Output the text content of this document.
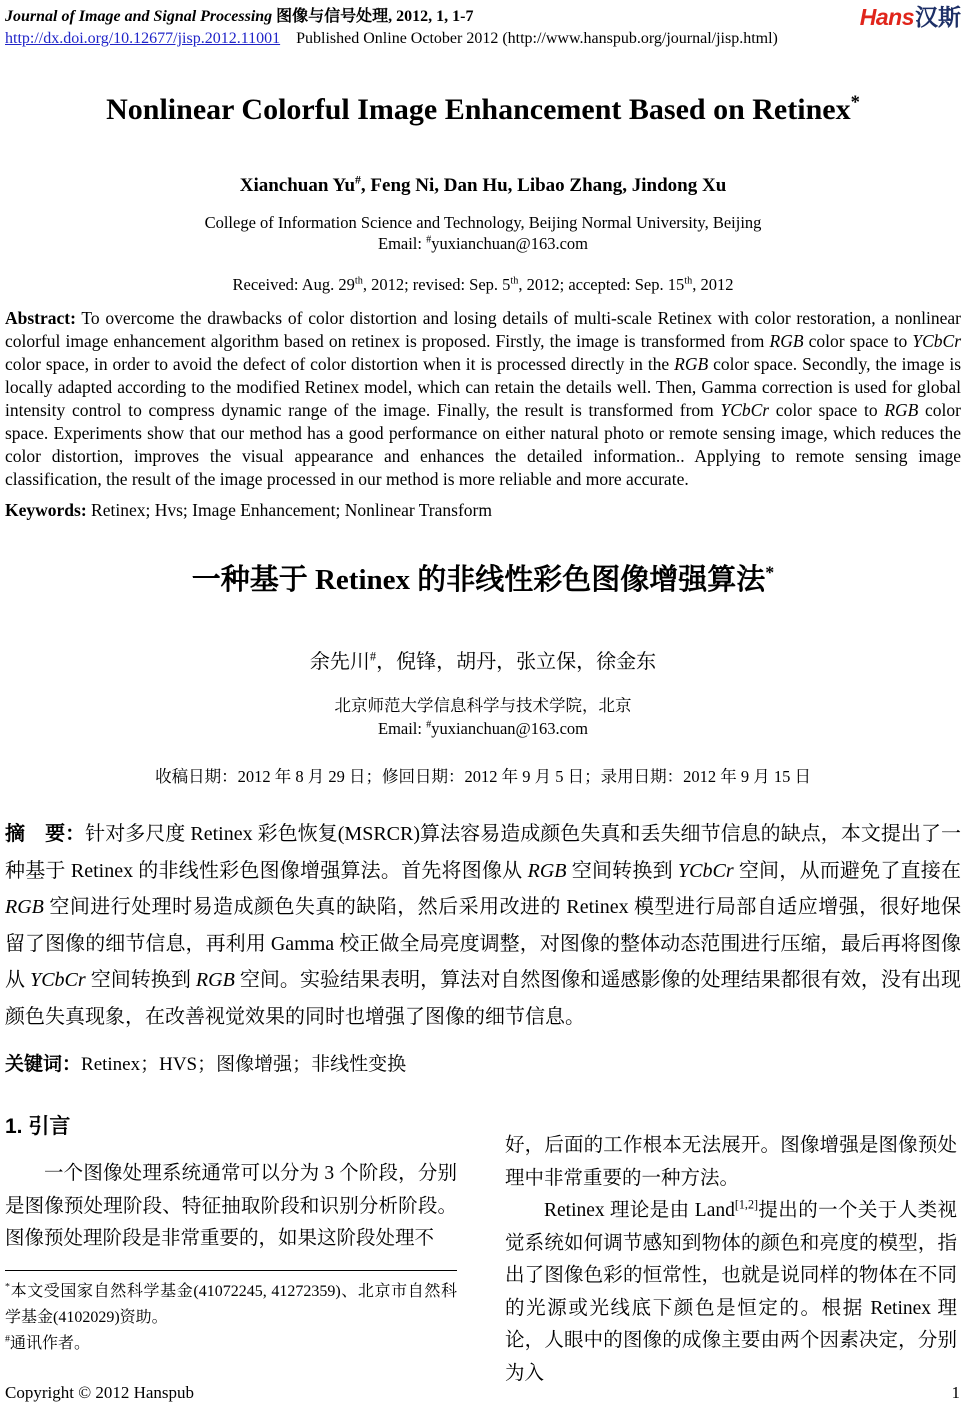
Journal of Image and Signal Processing 图像与信号处理, 2012, 1, 1-7	Hans汉斯
http://dx.doi.org/10.12677/jisp.2012.11001    Published Online October 2012 (http://www.hanspub.org/journal/jisp.html)
Nonlinear Colorful Image Enhancement Based on Retinex*
Xianchuan Yu#, Feng Ni, Dan Hu, Libao Zhang, Jindong Xu
College of Information Science and Technology, Beijing Normal University, Beijing
Email: #yuxianchuan@163.com
Received: Aug. 29th, 2012; revised: Sep. 5th, 2012; accepted: Sep. 15th, 2012

Abstract: To overcome the drawbacks of color distortion and losing details of multi-scale Retinex with color restoration, a nonlinear colorful image enhancement algorithm based on retinex is proposed. Firstly, the image is transformed from RGB color space to YCbCr color space, in order to avoid the defect of color distortion when it is processed directly in the RGB color space. Secondly, the image is locally adapted according to the modified Retinex model, which can retain the details well. Then, Gamma correction is used for global intensity control to compress dynamic range of the image. Finally, the result is transformed from YCbCr color space to RGB color space. Experiments show that our method has a good performance on either natural photo or remote sensing image, which reduces the color distortion, improves the visual appearance and enhances the detailed information.. Applying to remote sensing image classification, the result of the image processed in our method is more reliable and more accurate.

Keywords: Retinex; Hvs; Image Enhancement; Nonlinear Transform

一种基于 Retinex 的非线性彩色图像增强算法*
余先川#，倪锋，胡丹，张立保，徐金东
北京师范大学信息科学与技术学院，北京
Email: #yuxianchuan@163.com
收稿日期：2012 年 8 月 29 日；修回日期：2012 年 9 月 5 日；录用日期：2012 年 9 月 15 日

摘　要：针对多尺度 Retinex 彩色恢复(MSRCR)算法容易造成颜色失真和丢失细节信息的缺点，本文提出了一种基于 Retinex 的非线性彩色图像增强算法。首先将图像从 RGB 空间转换到 YCbCr 空间，从而避免了直接在 RGB 空间进行处理时易造成颜色失真的缺陷，然后采用改进的 Retinex 模型进行局部自适应增强，很好地保留了图像的细节信息，再利用 Gamma 校正做全局亮度调整，对图像的整体动态范围进行压缩，最后再将图像从 YCbCr 空间转换到 RGB 空间。实验结果表明，算法对自然图像和遥感影像的处理结果都很有效，没有出现颜色失真现象，在改善视觉效果的同时也增强了图像的细节信息。

关键词：Retinex；HVS；图像增强；非线性变换

1. 引言

一个图像处理系统通常可以分为 3 个阶段，分别是图像预处理阶段、特征抽取阶段和识别分析阶段。图像预处理阶段是非常重要的，如果这阶段处理不

*本文受国家自然科学基金(41072245, 41272359)、北京市自然科学基金(4102029)资助。
#通讯作者。

好，后面的工作根本无法展开。图像增强是图像预处理中非常重要的一种方法。

Retinex 理论是由 Land[1,2]提出的一个关于人类视觉系统如何调节感知到物体的颜色和亮度的模型，指出了图像色彩的恒常性，也就是说同样的物体在不同的光源或光线底下颜色是恒定的。根据 Retinex 理论，人眼中的图像的成像主要由两个因素决定，分别为入

Copyright © 2012 Hanspub	1
